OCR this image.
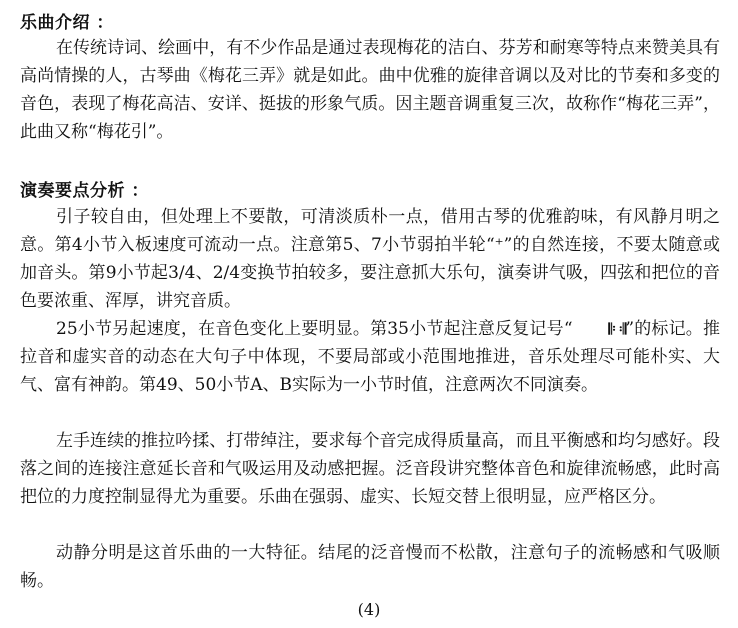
乐曲介绍 ：

在传统诗词、绘画中，有不少作品是通过表现梅花的洁白、芬芳和耐寒等特点来赞美具有高尚情操的人，古琴曲《梅花三弄》就是如此。曲中优雅的旋律音调以及对比的节奏和多变的音色，表现了梅花高洁、安详、挺拔的形象气质。因主题音调重复三次，故称作“梅花三弄”，此曲又称“梅花引”。

演奏要点分析 ：

引子较自由，但处理上不要散，可清淡质朴一点，借用古琴的优雅韵味，有风静月明之意。第4小节入板速度可流动一点。注意第5、7小节弱拍半轮“⁺”的自然连接，不要太随意或加音头。第9小节起3/4、2/4变换节拍较多，要注意抓大乐句，演奏讲气吸，四弦和把位的音色要浓重、浑厚，讲究音质。

25小节另起速度，在音色变化上要明显。第35小节起注意反复记号“ 𝄆 𝄇”的标记。推拉音和虚实音的动态在大句子中体现，不要局部或小范围地推进，音乐处理尽可能朴实、大气、富有神韵。第49、50小节A、B实际为一小节时值，注意两次不同演奏。

左手连续的推拉吟揉、打带绰注，要求每个音完成得质量高，而且平衡感和均匀感好。段落之间的连接注意延长音和气吸运用及动感把握。泛音段讲究整体音色和旋律流畅感，此时高把位的力度控制显得尤为重要。乐曲在强弱、虚实、长短交替上很明显，应严格区分。

动静分明是这首乐曲的一大特征。结尾的泛音慢而不松散，注意句子的流畅感和气吸顺畅。

(4)
